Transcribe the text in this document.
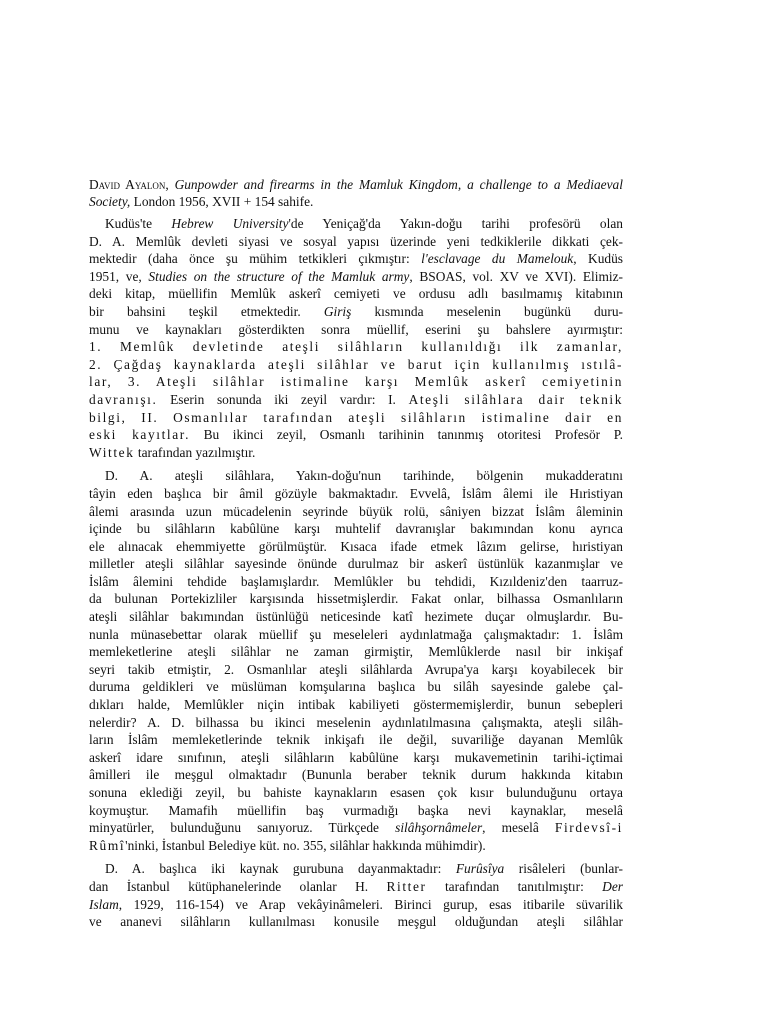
David Ayalon, Gunpowder and firearms in the Mamluk Kingdom, a challenge to a Mediaeval Society, London 1956, XVII + 154 sahife.
Kudüs'te Hebrew University'de Yeniçağ'da Yakın-doğu tarihi profesörü olan
D. A. Memlûk devleti siyasi ve sosyal yapısı üzerinde yeni tedkiklerile dikkati çek-
mektedir (daha önce şu mühim tetkikleri çıkmıştır: l'esclavage du Mamelouk, Kudüs
1951, ve, Studies on the structure of the Mamluk army, BSOAS, vol. XV ve XVI). Elimiz-
deki kitap, müellifin Memlûk askerî cemiyeti ve ordusu adlı basılmamış kitabının
bir bahsini teşkil etmektedir. Giriş kısmında meselenin bugünkü duru-
munu ve kaynakları gösterdikten sonra müellif, eserini şu bahslere ayırmıştır:
1. Memlûk devletinde ateşli silâhların kullanıldığı ilk zamanlar,
2. Çağdaş kaynaklarda ateşli silâhlar ve barut için kullanılmış ıstılâ-
lar, 3. Ateşli silâhlar istimaline karşı Memlûk askerî cemiyetinin
davranışı. Eserin sonunda iki zeyil vardır: I. Ateşli silâhlara dair teknik
bilgi, II. Osmanlılar tarafından ateşli silâhların istimaline dair en
eski kayıtlar. Bu ikinci zeyil, Osmanlı tarihinin tanınmış otoritesi Profesör P.
Wittek tarafından yazılmıştır.
D. A. ateşli silâhlara, Yakın-doğu'nun tarihinde, bölgenin mukadderatını
tâyin eden başlıca bir âmil gözüyle bakmaktadır. Evvelâ, İslâm âlemi ile Hıristiyan
âlemi arasında uzun mücadelenin seyrinde büyük rolü, sâniyen bizzat İslâm âleminin
içinde bu silâhların kabûlüne karşı muhtelif davranışlar bakımından konu ayrıca
ele alınacak ehemmiyette görülmüştür. Kısaca ifade etmek lâzım gelirse, hıristiyan
milletler ateşli silâhlar sayesinde önünde durulmaz bir askerî üstünlük kazanmışlar ve
İslâm âlemini tehdide başlamışlardır. Memlûkler bu tehdidi, Kızıldeniz'den taarruz-
da bulunan Portekizliler karşısında hissetmişlerdir. Fakat onlar, bilhassa Osmanlıların
ateşli silâhlar bakımından üstünlüğü neticesinde katî hezimete duçar olmuşlardır. Bu-
nunla münasebettar olarak müellif şu meseleleri aydınlatmağa çalışmaktadır: 1. İslâm
memleketlerine ateşli silâhlar ne zaman girmiştir, Memlûklerde nasıl bir inkişaf
seyri takib etmiştir, 2. Osmanlılar ateşli silâhlarda Avrupa'ya karşı koyabilecek bir
duruma geldikleri ve müslüman komşularına başlıca bu silâh sayesinde galebe çal-
dıkları halde, Memlûkler niçin intibak kabiliyeti göstermemişlerdir, bunun sebepleri
nelerdir? A. D. bilhassa bu ikinci meselenin aydınlatılmasına çalışmakta, ateşli silâh-
ların İslâm memleketlerinde teknik inkişafı ile değil, suvariliğe dayanan Memlûk
askerî idare sınıfının, ateşli silâhların kabûlüne karşı mukavemetinin tarihi-içtimai
âmilleri ile meşgul olmaktadır (Bununla beraber teknik durum hakkında kitabın
sonuna eklediği zeyil, bu bahiste kaynakların esasen çok kısır bulunduğunu ortaya
koymuştur. Mamafih müellifin baş vurmadığı başka nevi kaynaklar, meselâ
minyatürler, bulunduğunu sanıyoruz. Türkçede silâhşornâmeler, meselâ Firdevsî-i
Rûmî'ninki, İstanbul Belediye küt. no. 355, silâhlar hakkında mühimdir).
D. A. başlıca iki kaynak gurubuna dayanmaktadır: Furûsîya risâleleri (bunlar-
dan İstanbul kütüphanelerinde olanlar H. Ritter tarafından tanıtılmıştır: Der
Islam, 1929, 116-154) ve Arap vekâyinâmeleri. Birinci gurup, esas itibarile süvarilik
ve ananevi silâhların kullanılması konusile meşgul olduğundan ateşli silâhlar
